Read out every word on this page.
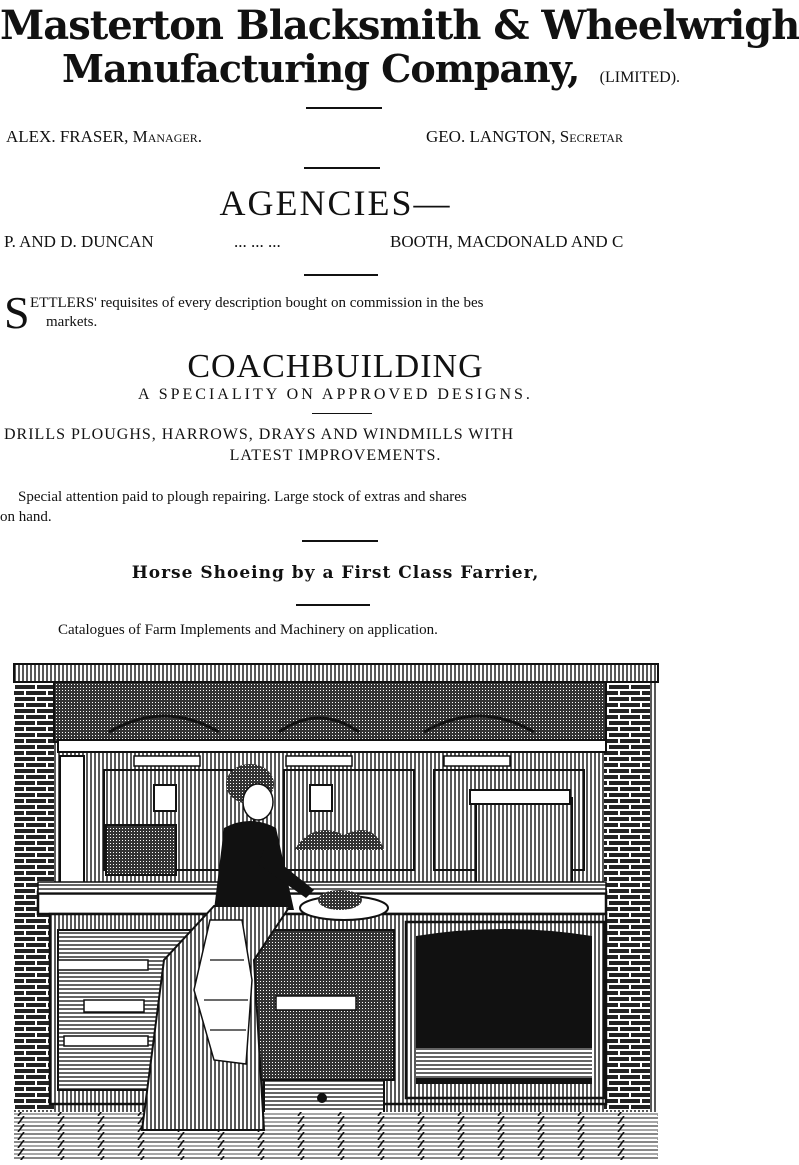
Masterton Blacksmith & Wheelwrigh
Manufacturing Company, (LIMITED).
ALEX. FRASER, Manager.	GEO. LANGTON, Secretar
AGENCIES—
P. AND D. DUNCAN	... ... ...	BOOTH, MACDONALD AND C
S ETTLERS' requisites of every description bought on commission in the bes
markets.
COACHBUILDING
A SPECIALITY ON APPROVED DESIGNS.
DRILLS PLOUGHS, HARROWS, DRAYS AND WINDMILLS WITH
LATEST IMPROVEMENTS.
Special attention paid to plough repairing. Large stock of extras and shares
on hand.
Horse Shoeing by a First Class Farrier,
Catalogues of Farm Implements and Machinery on application.
